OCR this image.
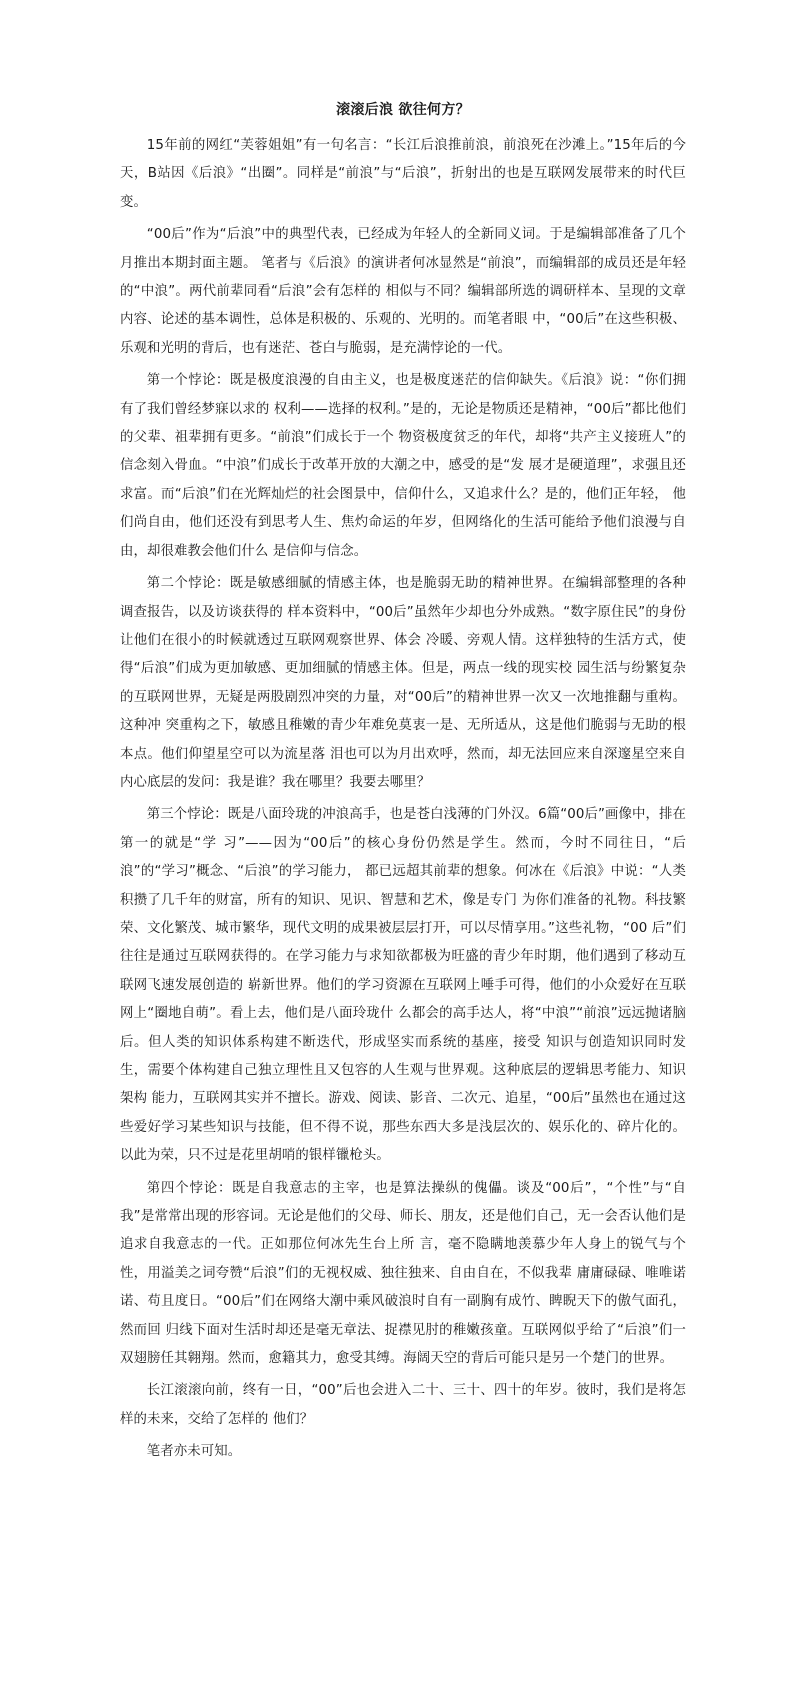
滚滚后浪 欲往何方？

15年前的网红“芙蓉姐姐”有一句名言：“长江后浪推前浪，前浪死在沙滩上。”15年后的今天，B站因《后浪》“出圈”。同样是“前浪”与“后浪”，折射出的也是互联网发展带来的时代巨变。

“00后”作为“后浪”中的典型代表，已经成为年轻人的全新同义词。于是编辑部准备了几个月推出本期封面主题。 笔者与《后浪》的演讲者何冰显然是“前浪”，而编辑部的成员还是年轻的“中浪”。两代前辈同看“后浪”会有怎样的 相似与不同？编辑部所选的调研样本、呈现的文章内容、论述的基本调性，总体是积极的、乐观的、光明的。而笔者眼 中，“00后”在这些积极、乐观和光明的背后，也有迷茫、苍白与脆弱，是充满悖论的一代。

第一个悖论：既是极度浪漫的自由主义，也是极度迷茫的信仰缺失。《后浪》说：“你们拥有了我们曾经梦寐以求的 权利——选择的权利。”是的，无论是物质还是精神，“00后”都比他们的父辈、祖辈拥有更多。“前浪”们成长于一个 物资极度贫乏的年代，却将“共产主义接班人”的信念刻入骨血。“中浪”们成长于改革开放的大潮之中，感受的是“发 展才是硬道理”，求强且还求富。而“后浪”们在光辉灿烂的社会图景中，信仰什么，又追求什么？是的，他们正年轻， 他们尚自由，他们还没有到思考人生、焦灼命运的年岁，但网络化的生活可能给予他们浪漫与自由，却很难教会他们什么 是信仰与信念。

第二个悖论：既是敏感细腻的情感主体，也是脆弱无助的精神世界。在编辑部整理的各种调查报告，以及访谈获得的 样本资料中，“00后”虽然年少却也分外成熟。“数字原住民”的身份让他们在很小的时候就透过互联网观察世界、体会 冷暖、旁观人情。这样独特的生活方式，使得“后浪”们成为更加敏感、更加细腻的情感主体。但是，两点一线的现实校 园生活与纷繁复杂的互联网世界，无疑是两股剧烈冲突的力量，对“00后”的精神世界一次又一次地推翻与重构。这种冲 突重构之下，敏感且稚嫩的青少年难免莫衷一是、无所适从，这是他们脆弱与无助的根本点。他们仰望星空可以为流星落 泪也可以为月出欢呼，然而，却无法回应来自深邃星空来自内心底层的发问：我是谁？我在哪里？我要去哪里？

第三个悖论：既是八面玲珑的冲浪高手，也是苍白浅薄的门外汉。6篇“00后”画像中，排在第一的就是“学 习”——因为“00后”的核心身份仍然是学生。然而，今时不同往日，“后浪”的“学习”概念、“后浪”的学习能力， 都已远超其前辈的想象。何冰在《后浪》中说：“人类积攒了几千年的财富，所有的知识、见识、智慧和艺术，像是专门 为你们准备的礼物。科技繁荣、文化繁茂、城市繁华，现代文明的成果被层层打开，可以尽情享用。”这些礼物，“00 后”们往往是通过互联网获得的。在学习能力与求知欲都极为旺盛的青少年时期，他们遇到了移动互联网飞速发展创造的 崭新世界。他们的学习资源在互联网上唾手可得，他们的小众爱好在互联网上“圈地自萌”。看上去，他们是八面玲珑什 么都会的高手达人，将“中浪”“前浪”远远抛诸脑后。但人类的知识体系构建不断迭代，形成坚实而系统的基座，接受 知识与创造知识同时发生，需要个体构建自己独立理性且又包容的人生观与世界观。这种底层的逻辑思考能力、知识架构 能力，互联网其实并不擅长。游戏、阅读、影音、二次元、追星，“00后”虽然也在通过这些爱好学习某些知识与技能，但不得不说，那些东西大多是浅层次的、娱乐化的、碎片化的。以此为荣，只不过是花里胡哨的银样镴枪头。

第四个悖论：既是自我意志的主宰，也是算法操纵的傀儡。谈及“00后”，“个性”与“自我”是常常出现的形容词。无论是他们的父母、师长、朋友，还是他们自己，无一会否认他们是追求自我意志的一代。正如那位何冰先生台上所 言，毫不隐瞒地羡慕少年人身上的锐气与个性，用溢美之词夸赞“后浪”们的无视权威、独往独来、自由自在，不似我辈 庸庸碌碌、唯唯诺诺、苟且度日。“00后”们在网络大潮中乘风破浪时自有一副胸有成竹、睥睨天下的傲气面孔，然而回 归线下面对生活时却还是毫无章法、捉襟见肘的稚嫩孩童。互联网似乎给了“后浪”们一双翅膀任其翱翔。然而，愈籍其力，愈受其缚。海阔天空的背后可能只是另一个楚门的世界。

长江滚滚向前，终有一日，“00”后也会进入二十、三十、四十的年岁。彼时，我们是将怎样的未来，交给了怎样的 他们？

笔者亦未可知。
